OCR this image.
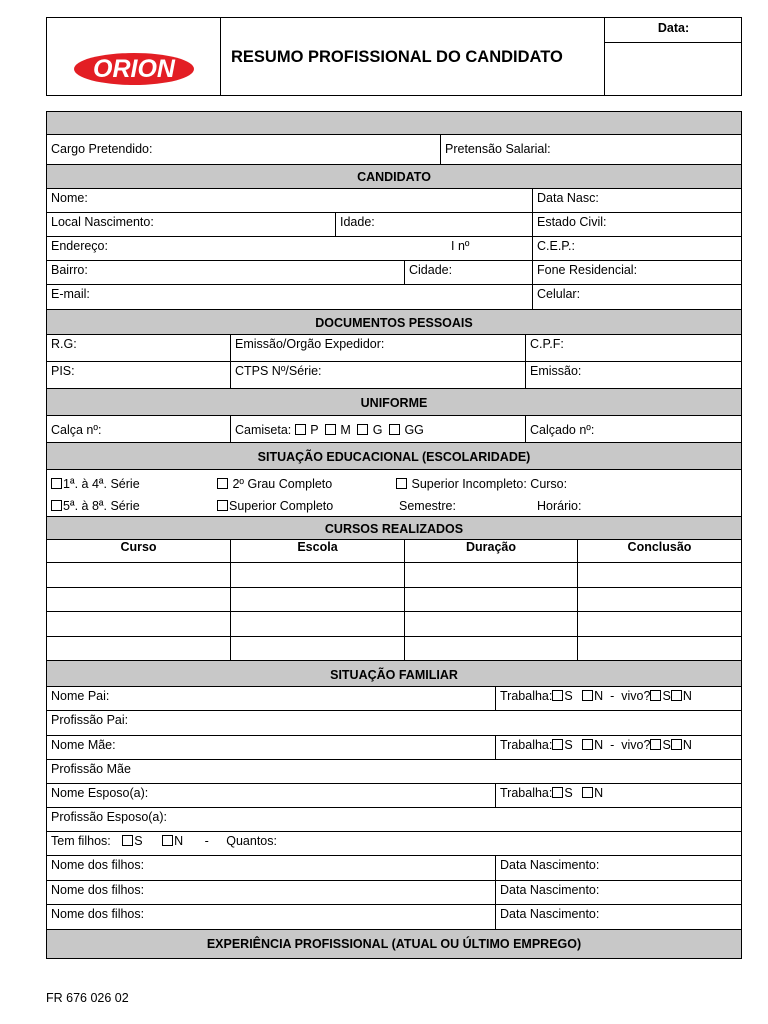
ORION	RESUMO PROFISSIONAL DO CANDIDATO
Data:
Cargo Pretendido:	Pretensão Salarial:
CANDIDATO
Nome:	Data Nasc:
Local Nascimento:	Idade:	Estado Civil:
Endereço:	I nº	C.E.P.:
Bairro:	Cidade:	Fone Residencial:
E-mail:	Celular:
DOCUMENTOS PESSOAIS
R.G:	Emissão/Orgão Expedidor:	C.P.F:
PIS:	CTPS Nº/Série:	Emissão:
UNIFORME
Calça nº:	Camiseta: P M G GG	Calçado nº:
SITUAÇÃO EDUCACIONAL (ESCOLARIDADE)
1ª. à 4ª. Série	2º Grau Completo	Superior Incompleto: Curso:
5ª. à 8ª. Série	Superior Completo	Semestre:	Horário:
CURSOS REALIZADOS
Curso	Escola	Duração	Conclusão
SITUAÇÃO FAMILIAR
Nome Pai:	Trabalha: S N - vivo? S N
Profissão Pai:
Nome Mãe:	Trabalha: S N - vivo? S N
Profissão Mãe
Nome Esposo(a):	Trabalha: S N
Profissão Esposo(a):
Tem filhos: S	N - Quantos:
Nome dos filhos:	Data Nascimento:
Nome dos filhos:	Data Nascimento:
Nome dos filhos:	Data Nascimento:
EXPERIÊNCIA PROFISSIONAL (ATUAL OU ÚLTIMO EMPREGO)
FR 676 026 02
